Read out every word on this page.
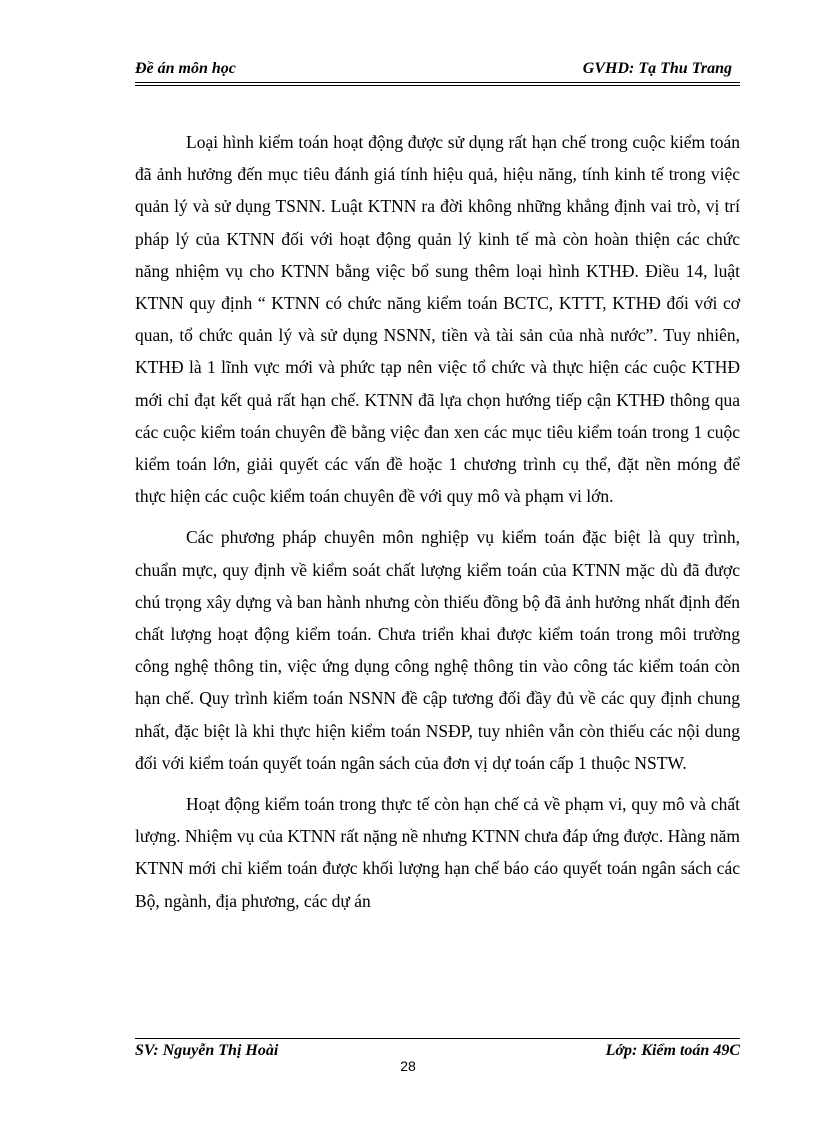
Đề án môn học	GVHD: Tạ Thu Trang

Loại hình kiểm toán hoạt động được sử dụng rất hạn chế trong cuộc kiểm toán đã ảnh hưởng đến mục tiêu đánh giá tính hiệu quả, hiệu năng, tính kinh tế trong việc quản lý và sử dụng TSNN. Luật KTNN ra đời không những khẳng định vai trò, vị trí pháp lý của KTNN đối với hoạt động quản lý kinh tế mà còn hoàn thiện các chức năng nhiệm vụ cho KTNN bằng việc bổ sung thêm loại hình KTHĐ. Điều 14, luật KTNN quy định “ KTNN có chức năng kiểm toán BCTC, KTTT, KTHĐ đối với cơ quan, tổ chức quản lý và sử dụng NSNN, tiền và tài sản của nhà nước”. Tuy nhiên, KTHĐ là 1 lĩnh vực mới và phức tạp nên việc tổ chức và thực hiện các cuộc KTHĐ mới chỉ đạt kết quả rất hạn chế. KTNN đã lựa chọn hướng tiếp cận KTHĐ thông qua các cuộc kiểm toán chuyên đề bằng việc đan xen các mục tiêu kiểm toán trong 1 cuộc kiểm toán lớn, giải quyết các vấn đề hoặc 1 chương trình cụ thể, đặt nền móng để thực hiện các cuộc kiểm toán chuyên đề với quy mô và phạm vi lớn.

Các phương pháp chuyên môn nghiệp vụ kiểm toán đặc biệt là quy trình, chuẩn mực, quy định về kiểm soát chất lượng kiểm toán của KTNN mặc dù đã được chú trọng xây dựng và ban hành nhưng còn thiếu đồng bộ đã ảnh hưởng nhất định đến chất lượng hoạt động kiểm toán. Chưa triển khai được kiểm toán trong môi trường công nghệ thông tin, việc ứng dụng công nghệ thông tin vào công tác kiểm toán còn hạn chế. Quy trình kiểm toán NSNN đề cập tương đối đầy đủ về các quy định chung nhất, đặc biệt là khi thực hiện kiểm toán NSĐP, tuy nhiên vẫn còn thiếu các nội dung đối với kiểm toán quyết toán ngân sách của đơn vị dự toán cấp 1 thuộc NSTW.

Hoạt động kiểm toán trong thực tế còn hạn chế cả về phạm vi, quy mô và chất lượng. Nhiệm vụ của KTNN rất nặng nề nhưng KTNN chưa đáp ứng được. Hàng năm KTNN mới chỉ kiểm toán được khối lượng hạn chế báo cáo quyết toán ngân sách các Bộ, ngành, địa phương, các dự án

SV: Nguyễn Thị Hoài	Lớp: Kiểm toán 49C
28
